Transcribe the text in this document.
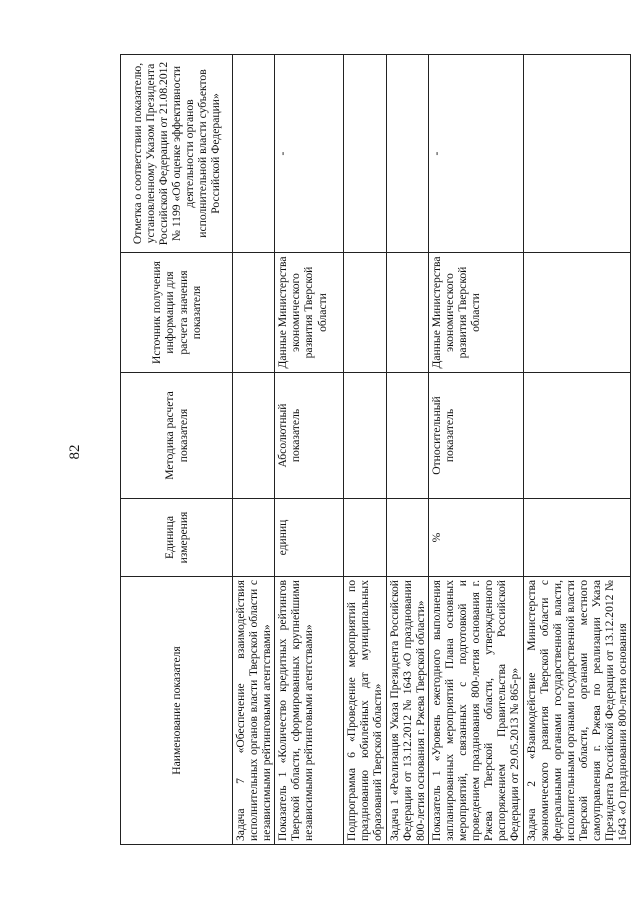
82
Наименование показателя	Единица измерения	Методика расчета показателя	Источник получения информации для расчета значения показателя	Отметка о соответствии показателю, установленному Указом Президента Российской Федерации от 21.08.2012 № 1199 «Об оценке эффективности деятельности органов исполнительной власти субъектов Российской Федерации»
Задача 7 «Обеспечение взаимодействия исполнительных органов власти Тверской области с независимыми рейтинговыми агентствами»				
Показатель 1 «Количество кредитных рейтингов Тверской области, сформированных крупнейшими независимыми рейтинговыми агентствами»	единиц	Абсолютный показатель	Данные Министерства экономического развития Тверской области	-
Подпрограмма 6 «Проведение мероприятий по празднованию юбилейных дат муниципальных образований Тверской области»				
Задача 1 «Реализация Указа Президента Российской Федерации от 13.12.2012 № 1643 «О праздновании 800-летия основания г. Ржева Тверской области»				
Показатель 1 «Уровень ежегодного выполнения запланированных мероприятий Плана основных мероприятий, связанных с подготовкой и проведением празднования 800-летия основания г. Ржева Тверской области, утвержденного распоряжением Правительства Российской Федерации от 29.05.2013 № 865-р»	%	Относительный показатель	Данные Министерства экономического развития Тверской области	-
Задача 2 «Взаимодействие Министерства экономического развития Тверской области с федеральными органами государственной власти, исполнительными органами государственной власти Тверской области, органами местного самоуправления г. Ржева по реализации Указа Президента Российской Федерации от 13.12.2012 № 1643 «О праздновании 800-летия основания				
